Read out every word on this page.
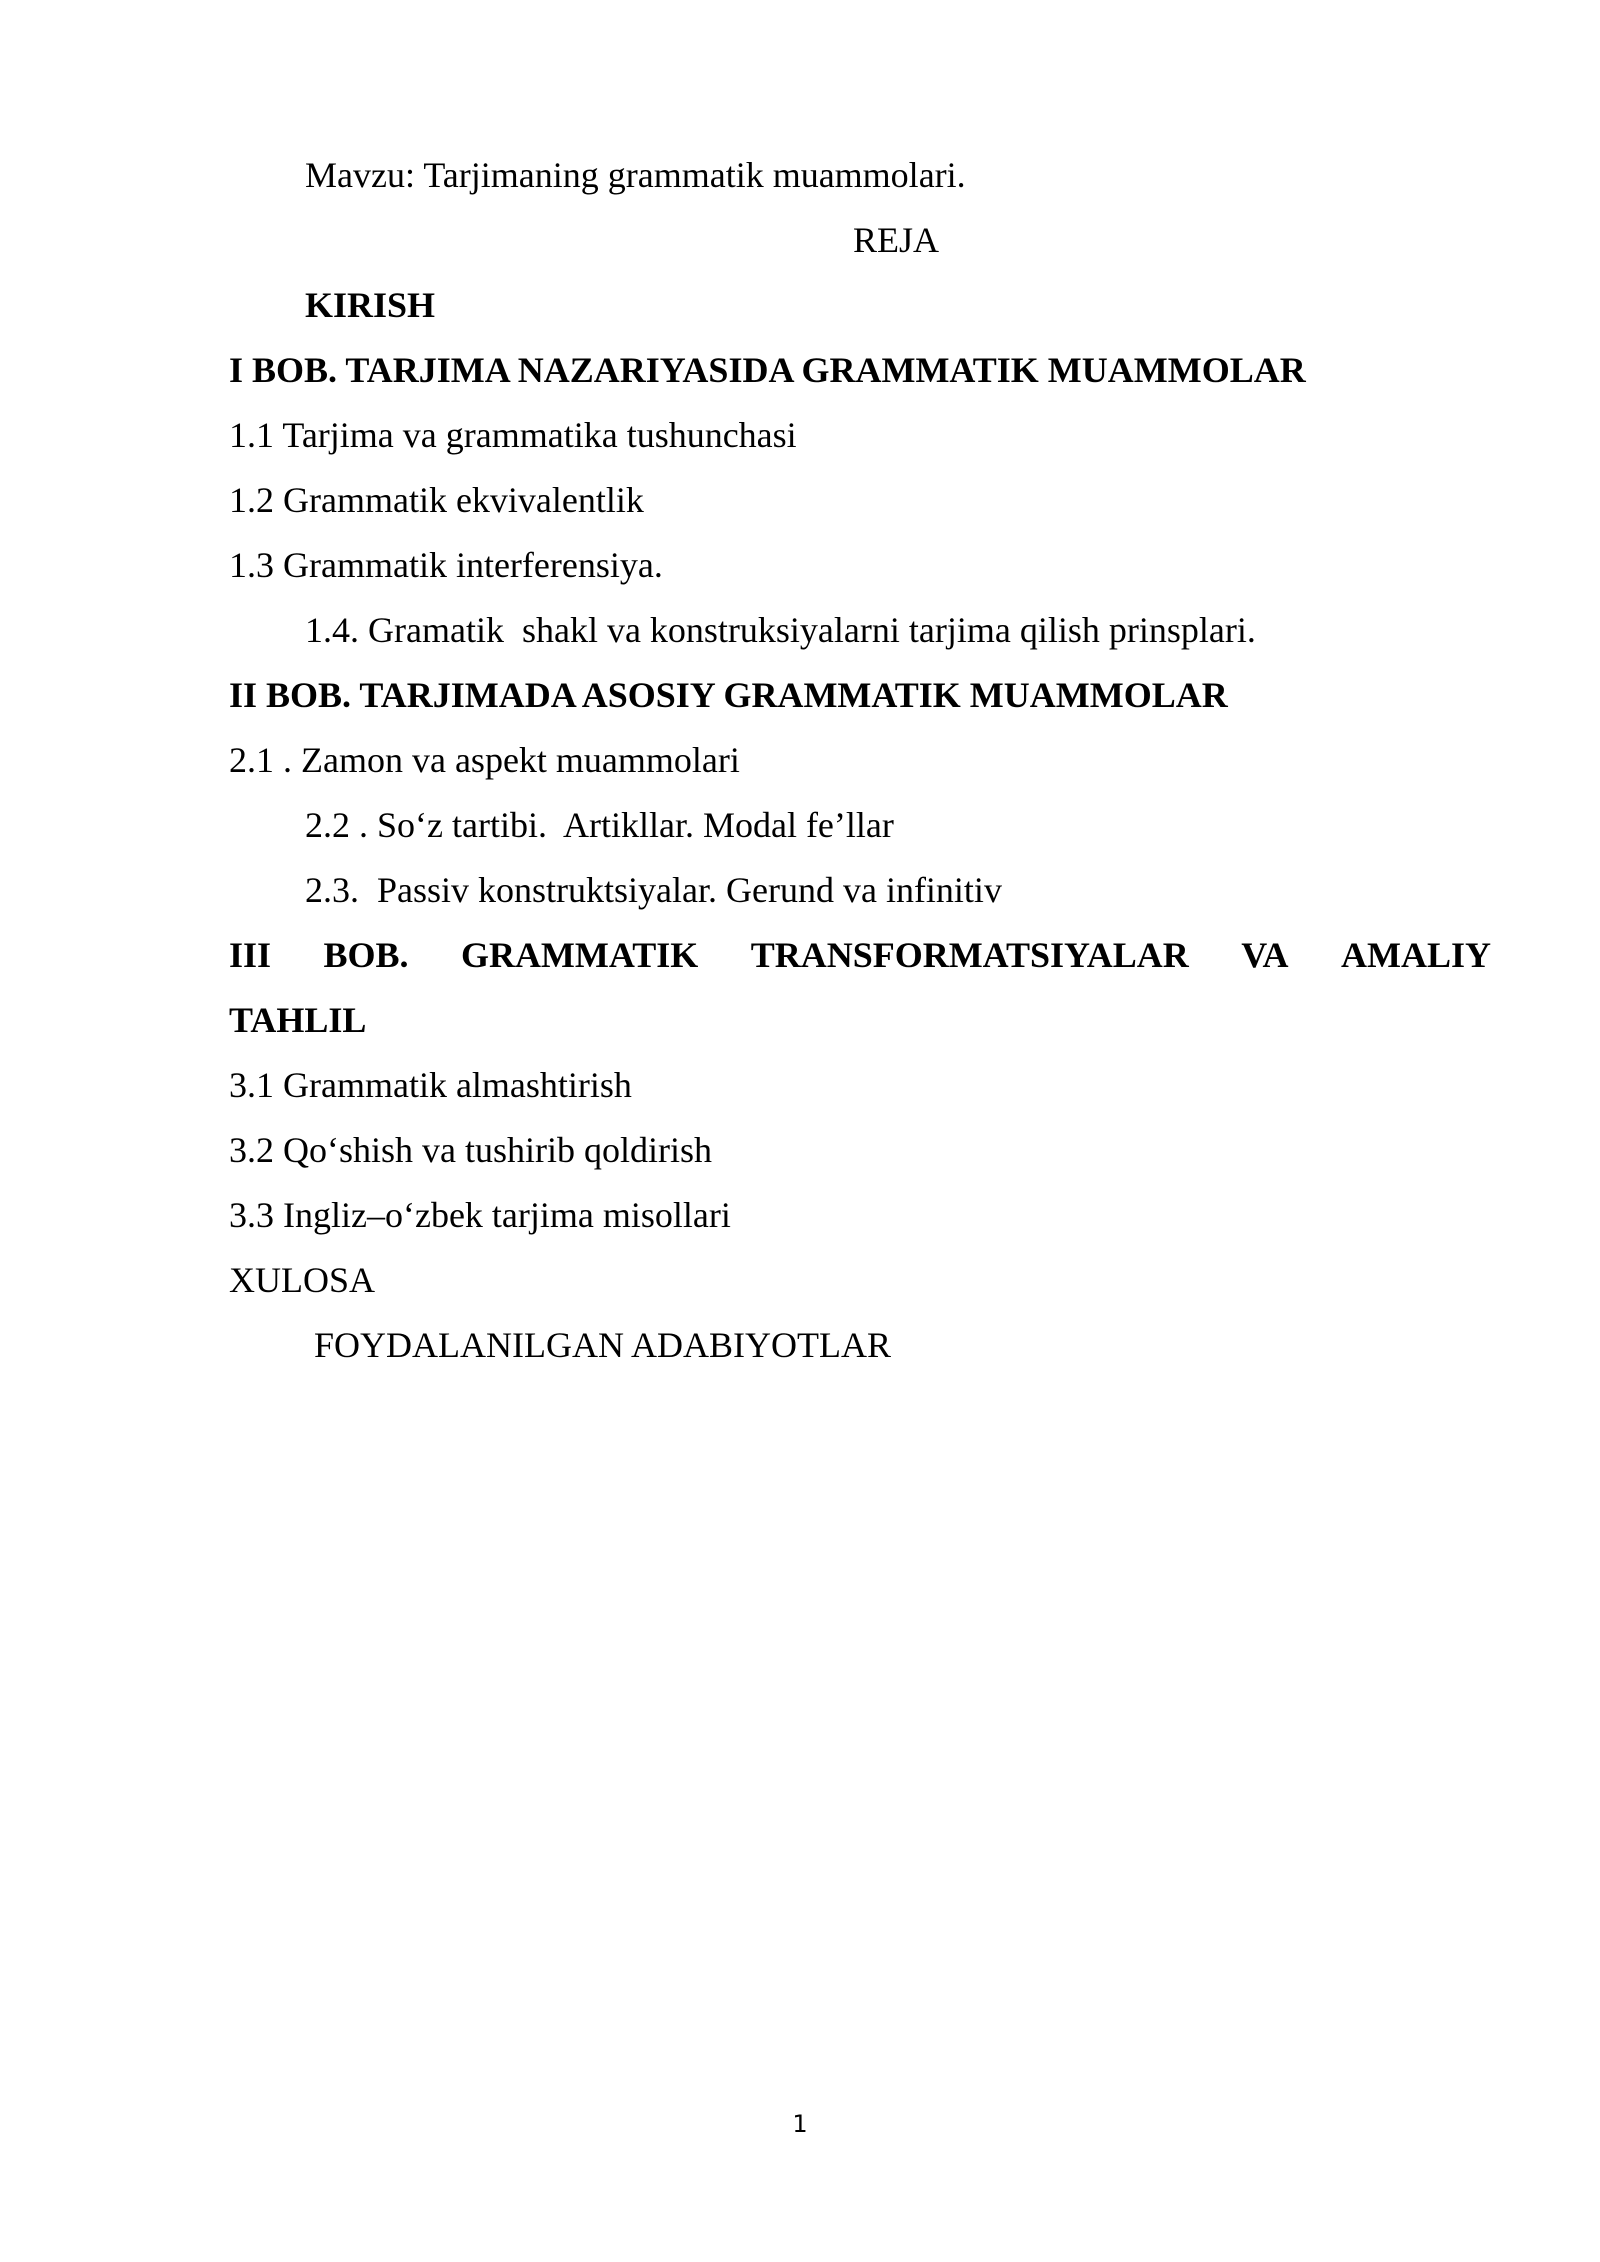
Mavzu: Tarjimaning grammatik muammolari.
REJA
KIRISH
I BOB. TARJIMA NAZARIYASIDA GRAMMATIK MUAMMOLAR
1.1 Tarjima va grammatika tushunchasi
1.2 Grammatik ekvivalentlik
1.3 Grammatik interferensiya.
1.4. Gramatik  shakl va konstruksiyalarni tarjima qilish prinsplari.
II BOB. TARJIMADA ASOSIY GRAMMATIK MUAMMOLAR
2.1 . Zamon va aspekt muammolari
2.2 . So‘z tartibi.  Artikllar. Modal fe’llar
2.3.  Passiv konstruktsiyalar. Gerund va infinitiv
III BOB. GRAMMATIK TRANSFORMATSIYALAR VA AMALIY
TAHLIL
3.1 Grammatik almashtirish
3.2 Qo‘shish va tushirib qoldirish
3.3 Ingliz–o‘zbek tarjima misollari
XULOSA
FOYDALANILGAN ADABIYOTLAR
1
